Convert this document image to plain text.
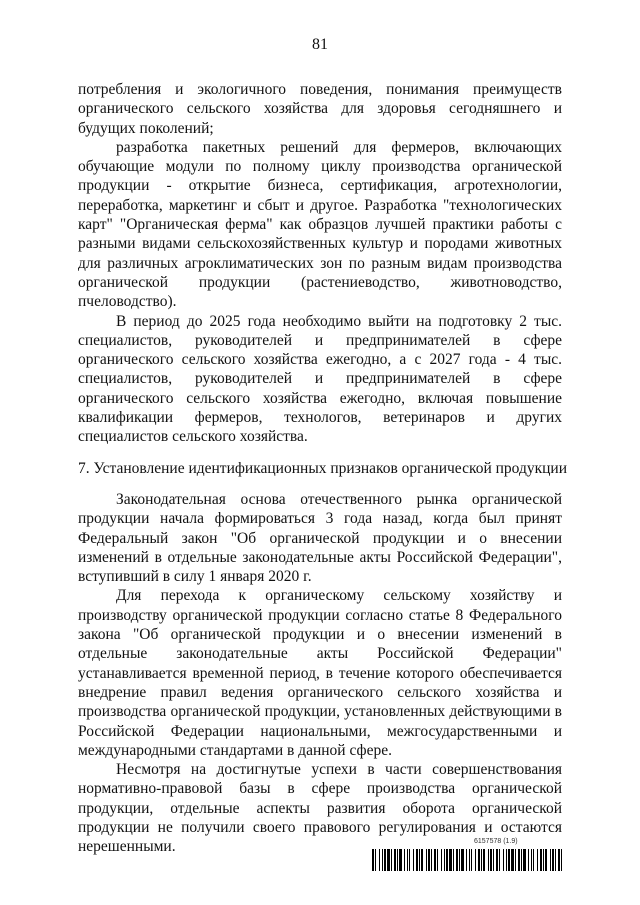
81

потребления и экологичного поведения, понимания преимуществ органического сельского хозяйства для здоровья сегодняшнего и будущих поколений;

разработка пакетных решений для фермеров, включающих обучающие модули по полному циклу производства органической продукции - открытие бизнеса, сертификация, агротехнологии, переработка, маркетинг и сбыт и другое. Разработка "технологических карт" "Органическая ферма" как образцов лучшей практики работы с разными видами сельскохозяйственных культур и породами животных для различных агроклиматических зон по разным видам производства органической продукции (растениеводство, животноводство, пчеловодство).

В период до 2025 года необходимо выйти на подготовку 2 тыс. специалистов, руководителей и предпринимателей в сфере органического сельского хозяйства ежегодно, а с 2027 года - 4 тыс. специалистов, руководителей и предпринимателей в сфере органического сельского хозяйства ежегодно, включая повышение квалификации фермеров, технологов, ветеринаров и других специалистов сельского хозяйства.

7. Установление идентификационных признаков органической продукции

Законодательная основа отечественного рынка органической продукции начала формироваться 3 года назад, когда был принят Федеральный закон "Об органической продукции и о внесении изменений в отдельные законодательные акты Российской Федерации", вступивший в силу 1 января 2020 г.

Для перехода к органическому сельскому хозяйству и производству органической продукции согласно статье 8 Федерального закона "Об органической продукции и о внесении изменений в отдельные законодательные акты Российской Федерации" устанавливается временной период, в течение которого обеспечивается внедрение правил ведения органического сельского хозяйства и производства органической продукции, установленных действующими в Российской Федерации национальными, межгосударственными и международными стандартами в данной сфере.

Несмотря на достигнутые успехи в части совершенствования нормативно-правовой базы в сфере производства органической продукции, отдельные аспекты развития оборота органической продукции не получили своего правового регулирования и остаются нерешенными.	6157578 (1.9)
